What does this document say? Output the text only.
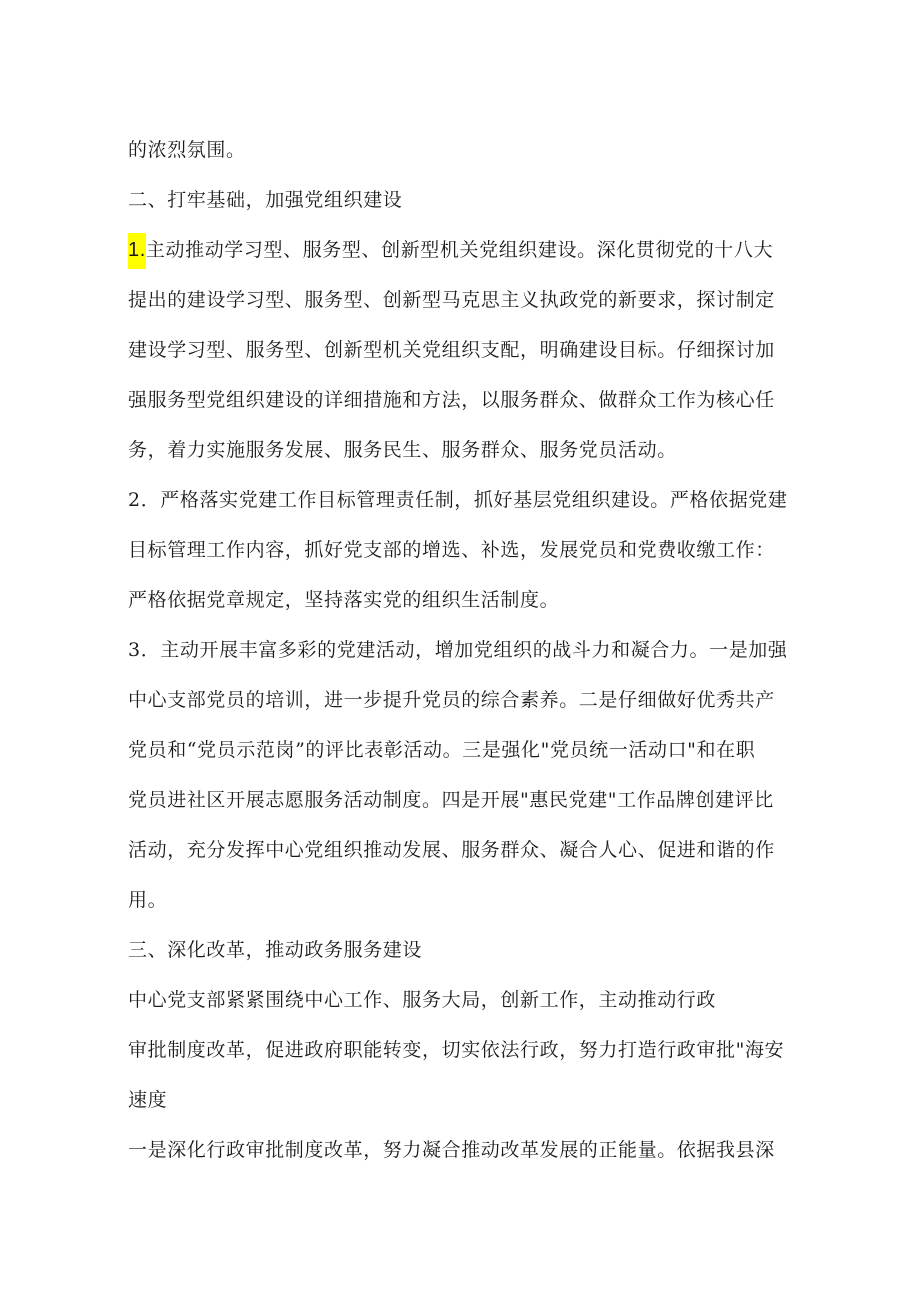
的浓烈氛围。
二、打牢基础，加强党组织建设
1.主动推动学习型、服务型、创新型机关党组织建设。深化贯彻党的十八大
提出的建设学习型、服务型、创新型马克思主义执政党的新要求，探讨制定
建设学习型、服务型、创新型机关党组织支配，明确建设目标。仔细探讨加
强服务型党组织建设的详细措施和方法，以服务群众、做群众工作为核心任
务，着力实施服务发展、服务民生、服务群众、服务党员活动。
2．严格落实党建工作目标管理责任制，抓好基层党组织建设。严格依据党建
目标管理工作内容，抓好党支部的增选、补选，发展党员和党费收缴工作：
严格依据党章规定，坚持落实党的组织生活制度。
3．主动开展丰富多彩的党建活动，增加党组织的战斗力和凝合力。一是加强
中心支部党员的培训，进一步提升党员的综合素养。二是仔细做好优秀共产
党员和“党员示范岗”的评比表彰活动。三是强化"党员统一活动口"和在职
党员进社区开展志愿服务活动制度。四是开展"惠民党建"工作品牌创建评比
活动，充分发挥中心党组织推动发展、服务群众、凝合人心、促进和谐的作
用。
三、深化改革，推动政务服务建设
中心党支部紧紧围绕中心工作、服务大局，创新工作，主动推动行政
审批制度改革，促进政府职能转变，切实依法行政，努力打造行政审批"海安
速度
一是深化行政审批制度改革，努力凝合推动改革发展的正能量。依据我县深
